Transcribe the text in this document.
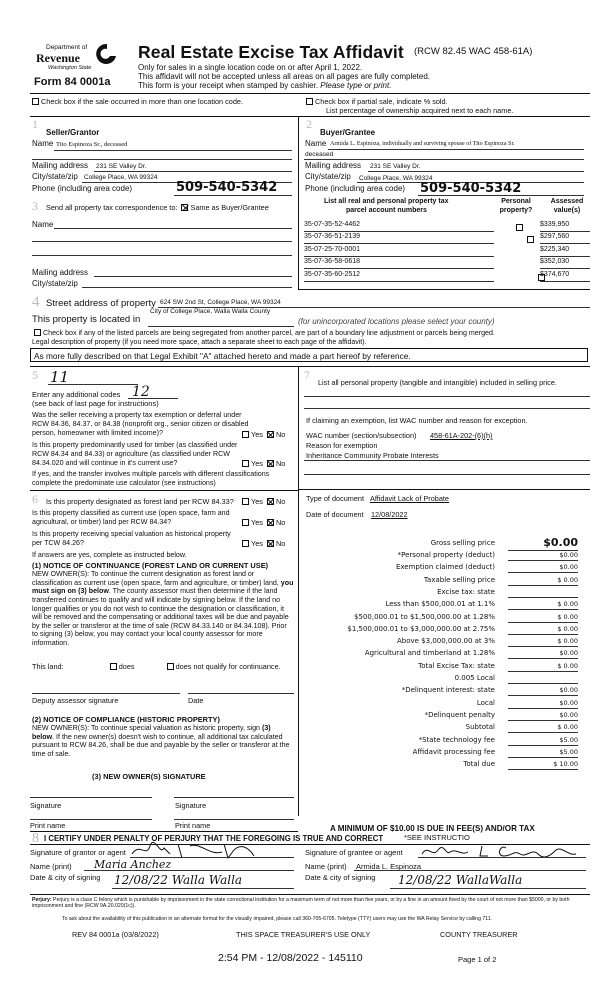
Department of
Revenue
Washington State
Form 84 0001a
Real Estate Excise Tax Affidavit (RCW 82.45 WAC 458-61A)
Only for sales in a single location code on or after April 1, 2022.
This affidavit will not be accepted unless all areas on all pages are fully completed.
This form is your receipt when stamped by cashier. Please type or print.
Check box if the sale occurred in more than one location code.	Check box if partial sale, indicate % sold.
List percentage of ownership acquired next to each name.
1
Seller/Grantor
Name Tito Espinoza Sr., deceased
Mailing address 231 SE Valley Dr.
City/state/zip College Place, WA 99324
Phone (including area code)	509-540-5342
2
Buyer/Grantee
Name Armida L. Espinoza, individually and surviving spouse of Tito Espinoza Sr.
deceased
Mailing address 231 SE Valley Dr.
City/state/zip College Place, WA 99324
Phone (including area code) 509-540-5342
3 Send all property tax correspondence to: Same as Buyer/Grantee
Name
Mailing address
City/state/zip
List all real and personal property tax
parcel account numbers
Personal property?
Assessed value(s)
35-07-35-52-4462	$339,950
35-07-36-51-2139	$297,560
35-07-25-70-0001	$225,340
35-07-36-58-0618	$352,030
35-07-35-60-2512	$374,670
4 Street address of property 624 SW 2nd St, College Place, WA 99324
This property is located in
City of College Place, Walla Walla County
(for unincorporated locations please select your county)
Check box if any of the listed parcels are being segregated from another parcel, are part of a boundary line adjustment or parcels being merged.
Legal description of property (if you need more space, attach a separate sheet to each page of the affidavit).
As more fully described on that Legal Exhibit "A" attached hereto and made a part hereof by reference.
5 11
Enter any additional codes 12
(see back of last page for instructions)
Was the seller receiving a property tax exemption or deferral under RCW 84.36, 84.37, or 84.38 (nonprofit org., senior citizen or disabled person, homeowner with limited income)?	Yes No
Is this property predominantly used for timber (as classified under RCW 84.34 and 84.33) or agriculture (as classified under RCW 84.34.020 and will continue in it's current use?	Yes No
If yes, and the transfer involves multiple parcels with different classifications complete the predominate use calculator (see instructions)
6 Is this property designated as forest land per RCW 84.33?	Yes No
Is this property classified as current use (open space, farm and agricultural, or timber) land per RCW 84.34?	Yes No
Is this property receiving special valuation as historical property per TCW 84.26?	Yes No
If answers are yes, complete as instructed below.
(1) NOTICE OF CONTINUANCE (FOREST LAND OR CURRENT USE)
NEW OWNER(S): To continue the current designation as forest land or classification as current use (open space, farm and agriculture, or timber) land, you must sign on (3) below. The county assessor must then determine if the land transferred continues to qualify and will indicate by signing below. If the land no longer qualifies or you do not wish to continue the designation or classification, it will be removed and the compensating or additional taxes will be due and payable by the seller or transferor at the time of sale (RCW 84.33.140 or 84.34.108). Prior to signing (3) below, you may contact your local county assessor for more information.
This land:	does	does not qualify for continuance.
Deputy assessor signature	Date
(2) NOTICE OF COMPLIANCE (HISTORIC PROPERTY)
NEW OWNER(S): To continue special valuation as historic property, sign (3) below. If the new owner(s) doesn't wish to continue, all additional tax calculated pursuant to RCW 84.26, shall be due and payable by the seller or transferor at the time of sale.
(3) NEW OWNER(S) SIGNATURE
Signature	Signature
Print name	Print name
7
List all personal property (tangible and intangible) included in selling price.
If claiming an exemption, list WAC number and reason for exception.
WAC number (section/subsection) 458-61A-202-(6)(h)
Reason for exemption
Inheritance Community Probate Interests
Type of document Affidavit Lack of Probate
Date of document 12/08/2022
Gross selling price	$0.00
*Personal property (deduct)	$0.00
Exemption claimed (deduct)	$0.00
Taxable selling price	$ 0.00
Excise tax: state
Less than $500,000.01 at 1.1%	$ 0.00
$500,000.01 to $1,500,000.00 at 1.28%	$ 0.00
$1,500,000.01 to $3,000,000.00 at 2.75%	$ 0.00
Above $3,000,000.00 at 3%	$ 0.00
Agricultural and timberland at 1.28%	$0.00
Total Excise Tax: state	$ 0.00
0.005 Local
*Delinquent interest: state	$0.00
Local	$0.00
*Delinquent penalty	$0.00
Subtotal	$ 0.00
*State technology fee	$5.00
Affidavit processing fee	$5.00
Total due	$ 10.00
A MINIMUM OF $10.00 IS DUE IN FEE(S) AND/OR TAX
*SEE INSTRUCTIO
8 I CERTIFY UNDER PENALTY OF PERJURY THAT THE FOREGOING IS TRUE AND CORRECT
Signature of grantor or agent
Name (print) Maria Anchez
Date & city of signing 12/08/22 Walla Walla
Signature of grantee or agent
Name (print) Armida L. Espinoza
Date & city of signing 12/08/22 WallaWalla
Perjury: Perjury is a class C felony which is punishable by imprisonment in the state correctional institution for a maximum term of not more than five years, or by a fine in an amount fixed by the court of not more than $5000, or by both imprisonment and fine (RCW 9A.20.020(1c)).
To ask about the availability of this publication in an alternate format for the visually impaired, please call 360-705-6705. Teletype (TTY) users may use the WA Relay Service by calling 711.
REV 84 0001a (03/8/2022)	THIS SPACE TREASURER'S USE ONLY	COUNTY TREASURER
2:54 PM - 12/08/2022 - 145110	Page 1 of 2
